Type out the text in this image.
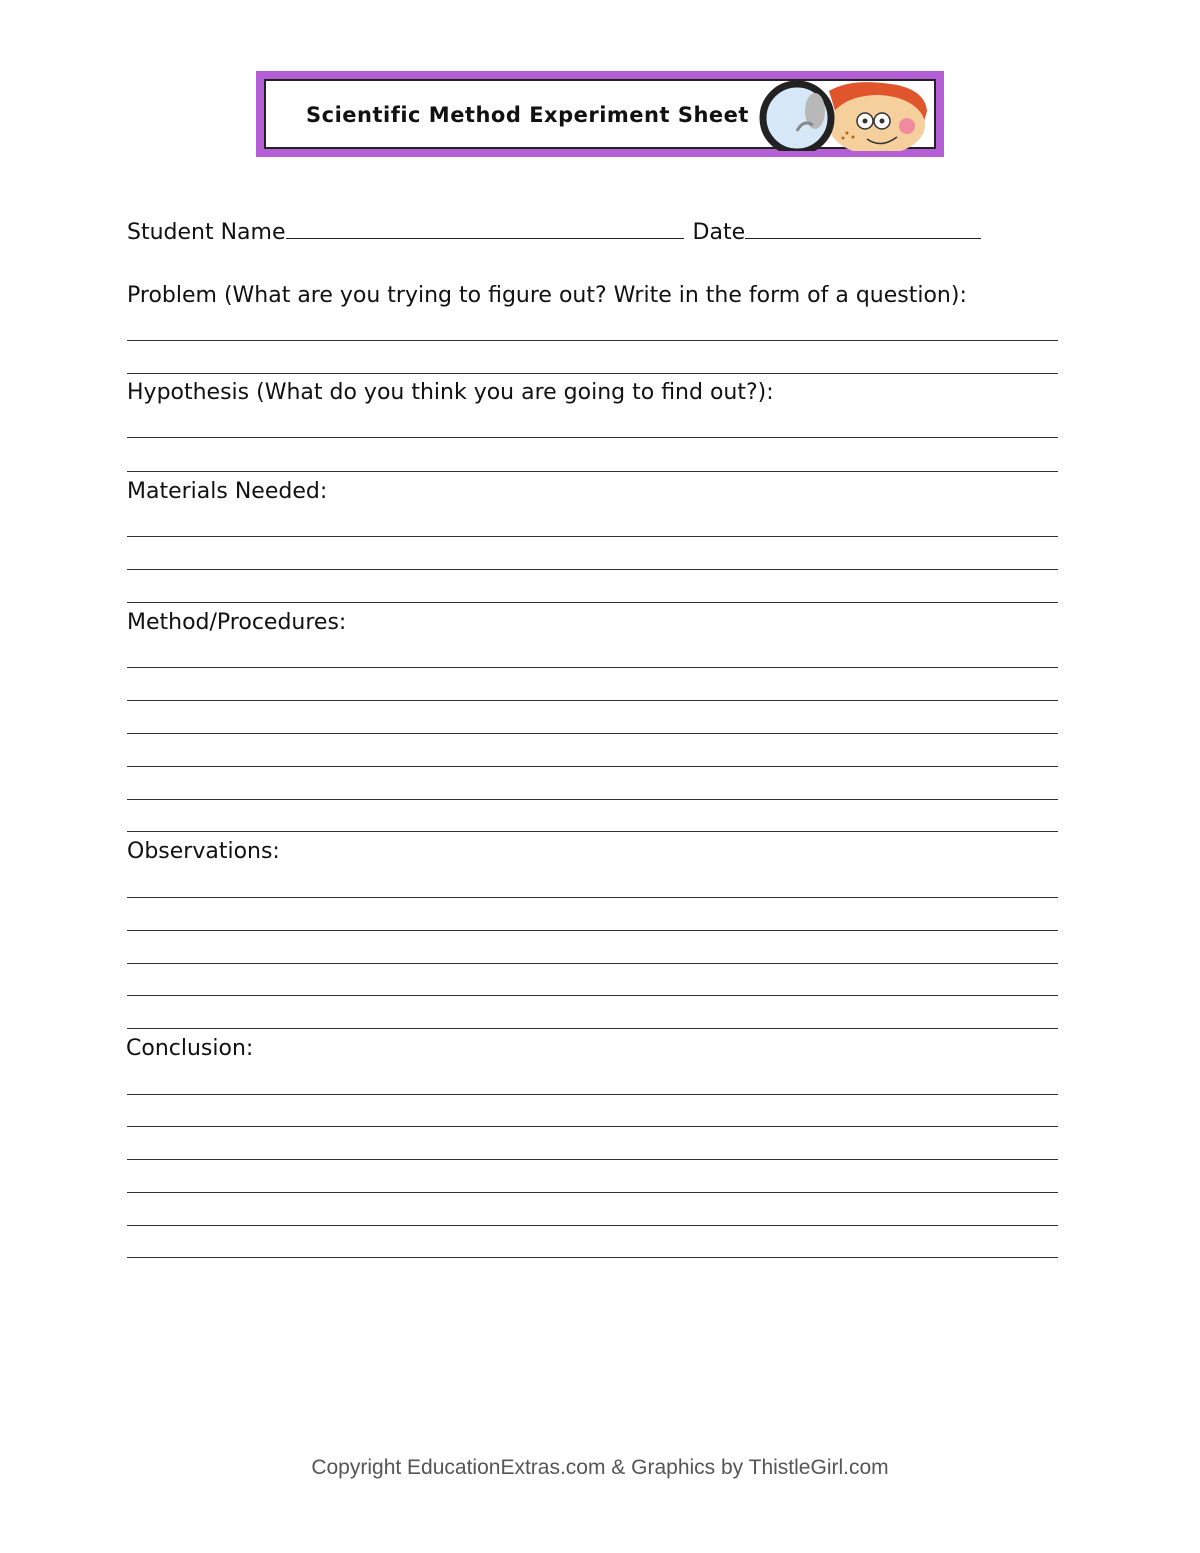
Scientific Method Experiment Sheet
Student Name	Date
Problem (What are you trying to figure out? Write in the form of a question):
Hypothesis (What do you think you are going to find out?):
Materials Needed:
Method/Procedures:
Observations:
Conclusion:
Copyright EducationExtras.com & Graphics by ThistleGirl.com
